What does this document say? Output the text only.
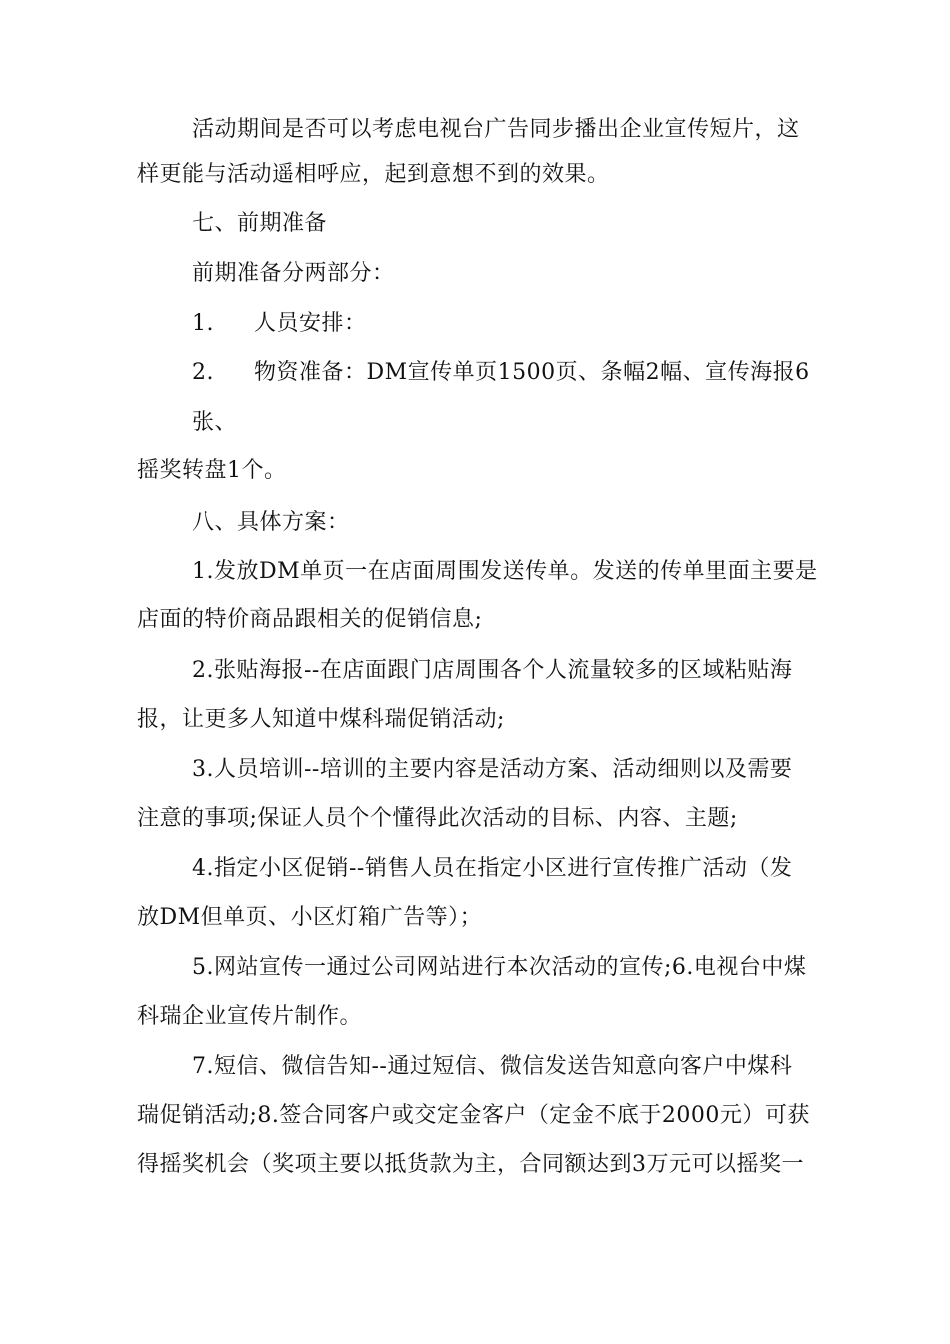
活动期间是否可以考虑电视台广告同步播出企业宣传短片，这
样更能与活动遥相呼应，起到意想不到的效果。
七、前期准备
前期准备分两部分：
1. 人员安排：
2. 物资准备：DM宣传单页1500页、条幅2幅、宣传海报6
张、
摇奖转盘1个。
八、具体方案：
1.发放DM单页一在店面周围发送传单。发送的传单里面主要是
店面的特价商品跟相关的促销信息;
2.张贴海报--在店面跟门店周围各个人流量较多的区域粘贴海
报，让更多人知道中煤科瑞促销活动;
3.人员培训--培训的主要内容是活动方案、活动细则以及需要
注意的事项;保证人员个个懂得此次活动的目标、内容、主题;
4.指定小区促销--销售人员在指定小区进行宣传推广活动（发
放DM但单页、小区灯箱广告等）；
5.网站宣传一通过公司网站进行本次活动的宣传;6.电视台中煤
科瑞企业宣传片制作。
7.短信、微信告知--通过短信、微信发送告知意向客户中煤科
瑞促销活动;8.签合同客户或交定金客户（定金不底于2000元）可获
得摇奖机会（奖项主要以抵货款为主，合同额达到3万元可以摇奖一
